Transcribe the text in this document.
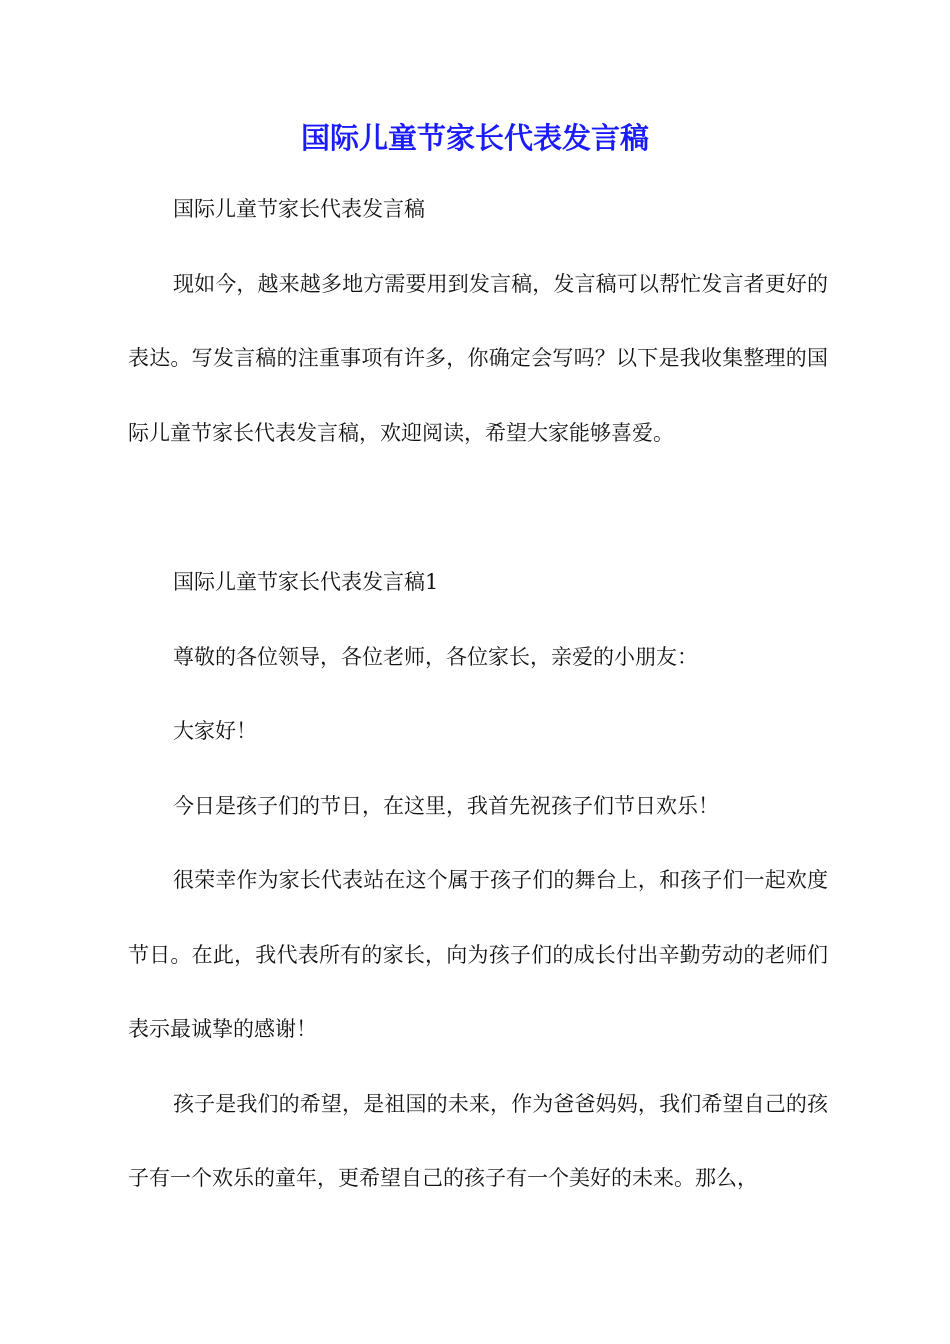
国际儿童节家长代表发言稿

国际儿童节家长代表发言稿

现如今，越来越多地方需要用到发言稿，发言稿可以帮忙发言者更好的表达。写发言稿的注重事项有许多，你确定会写吗？以下是我收集整理的国际儿童节家长代表发言稿，欢迎阅读，希望大家能够喜爱。

国际儿童节家长代表发言稿1

尊敬的各位领导，各位老师，各位家长，亲爱的小朋友：

大家好！

今日是孩子们的节日，在这里，我首先祝孩子们节日欢乐！

很荣幸作为家长代表站在这个属于孩子们的舞台上，和孩子们一起欢度节日。在此，我代表所有的家长，向为孩子们的成长付出辛勤劳动的老师们表示最诚挚的感谢！

孩子是我们的希望，是祖国的未来，作为爸爸妈妈，我们希望自己的孩子有一个欢乐的童年，更希望自己的孩子有一个美好的未来。那么，
